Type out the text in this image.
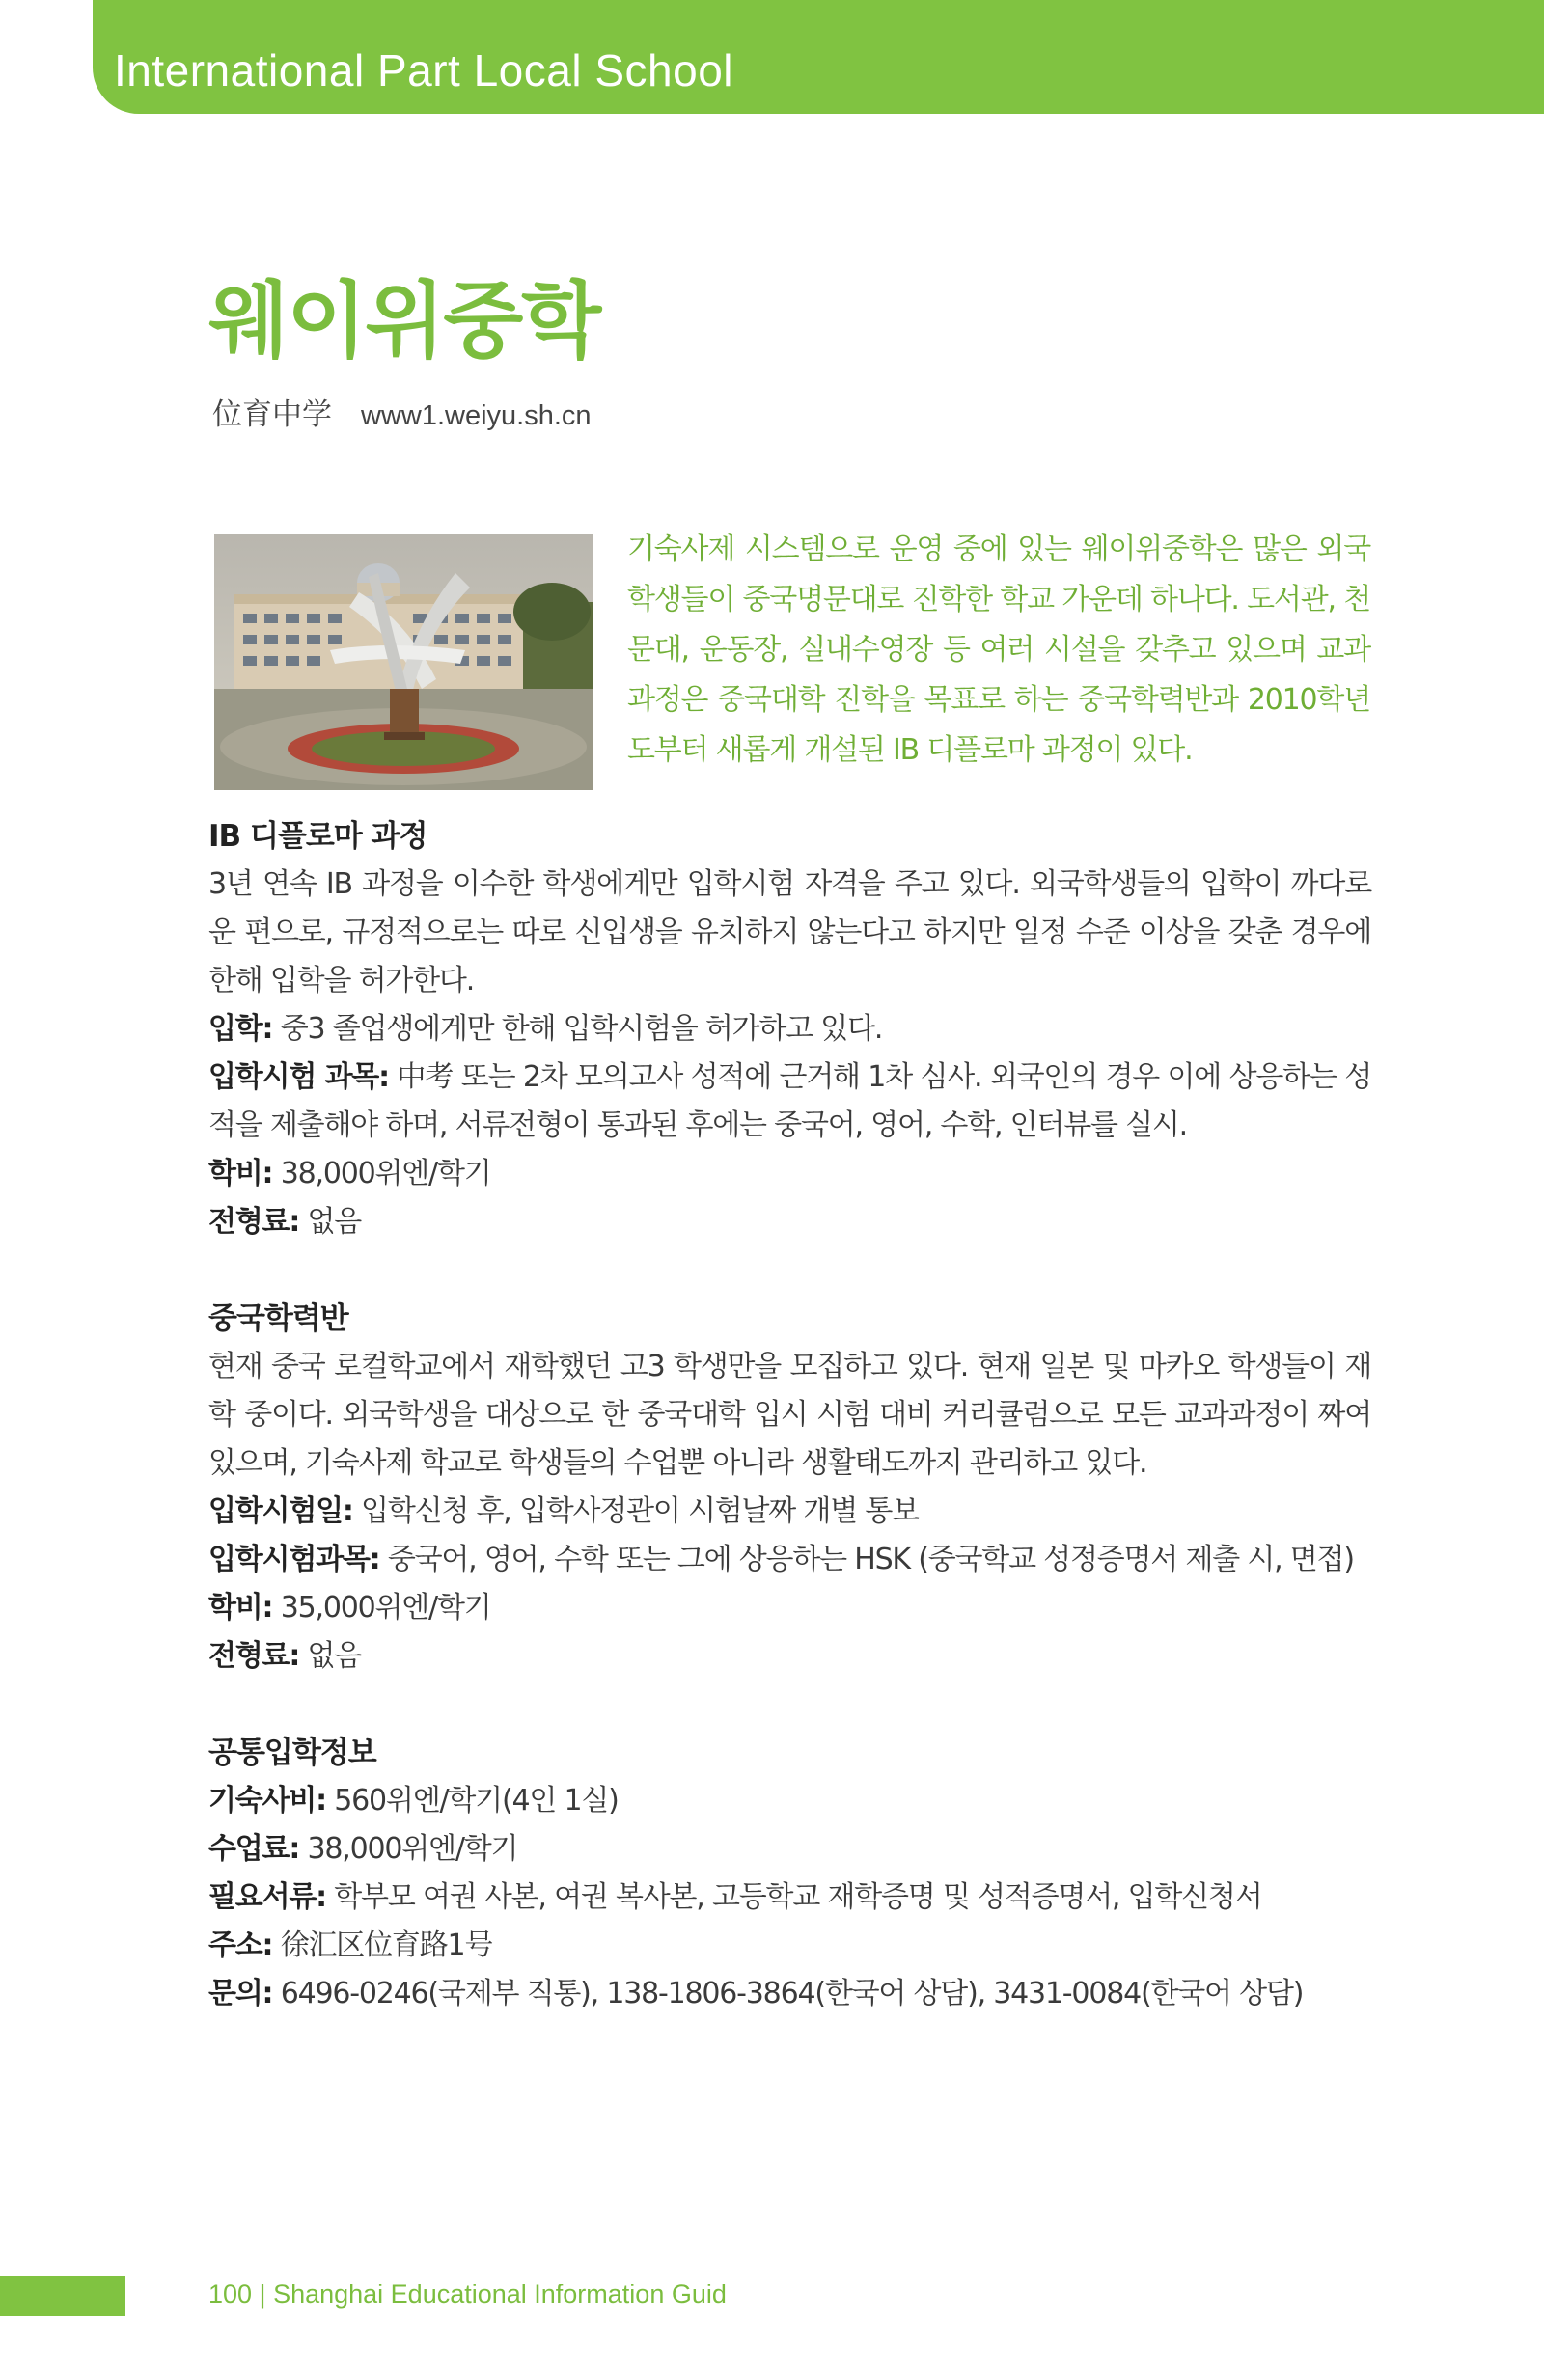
International Part Local School
웨이위중학
位育中学 www1.weiyu.sh.cn
기숙사제 시스템으로 운영 중에 있는 웨이위중학은 많은 외국학생들이 중국명문대로 진학한 학교 가운데 하나다. 도서관, 천문대, 운동장, 실내수영장 등 여러 시설을 갖추고 있으며 교과과정은 중국대학 진학을 목표로 하는 중국학력반과 2010학년도부터 새롭게 개설된 IB 디플로마 과정이 있다.
IB 디플로마 과정

3년 연속 IB 과정을 이수한 학생에게만 입학시험 자격을 주고 있다. 외국학생들의 입학이 까다로운 편으로, 규정적으로는 따로 신입생을 유치하지 않는다고 하지만 일정 수준 이상을 갖춘 경우에 한해 입학을 허가한다.

입학: 중3 졸업생에게만 한해 입학시험을 허가하고 있다.

입학시험 과목: 中考 또는 2차 모의고사 성적에 근거해 1차 심사. 외국인의 경우 이에 상응하는 성적을 제출해야 하며, 서류전형이 통과된 후에는 중국어, 영어, 수학, 인터뷰를 실시.

학비: 38,000위엔/학기

전형료: 없음

중국학력반

현재 중국 로컬학교에서 재학했던 고3 학생만을 모집하고 있다. 현재 일본 및 마카오 학생들이 재학 중이다. 외국학생을 대상으로 한 중국대학 입시 시험 대비 커리큘럼으로 모든 교과과정이 짜여 있으며, 기숙사제 학교로 학생들의 수업뿐 아니라 생활태도까지 관리하고 있다.

입학시험일: 입학신청 후, 입학사정관이 시험날짜 개별 통보

입학시험과목: 중국어, 영어, 수학 또는 그에 상응하는 HSK (중국학교 성정증명서 제출 시, 면접)

학비: 35,000위엔/학기

전형료: 없음

공통입학정보

기숙사비: 560위엔/학기(4인 1실)

수업료: 38,000위엔/학기

필요서류: 학부모 여권 사본, 여권 복사본, 고등학교 재학증명 및 성적증명서, 입학신청서

주소: 徐汇区位育路1号

문의: 6496-0246(국제부 직통), 138-1806-3864(한국어 상담), 3431-0084(한국어 상담)

100 | Shanghai Educational Information Guid
